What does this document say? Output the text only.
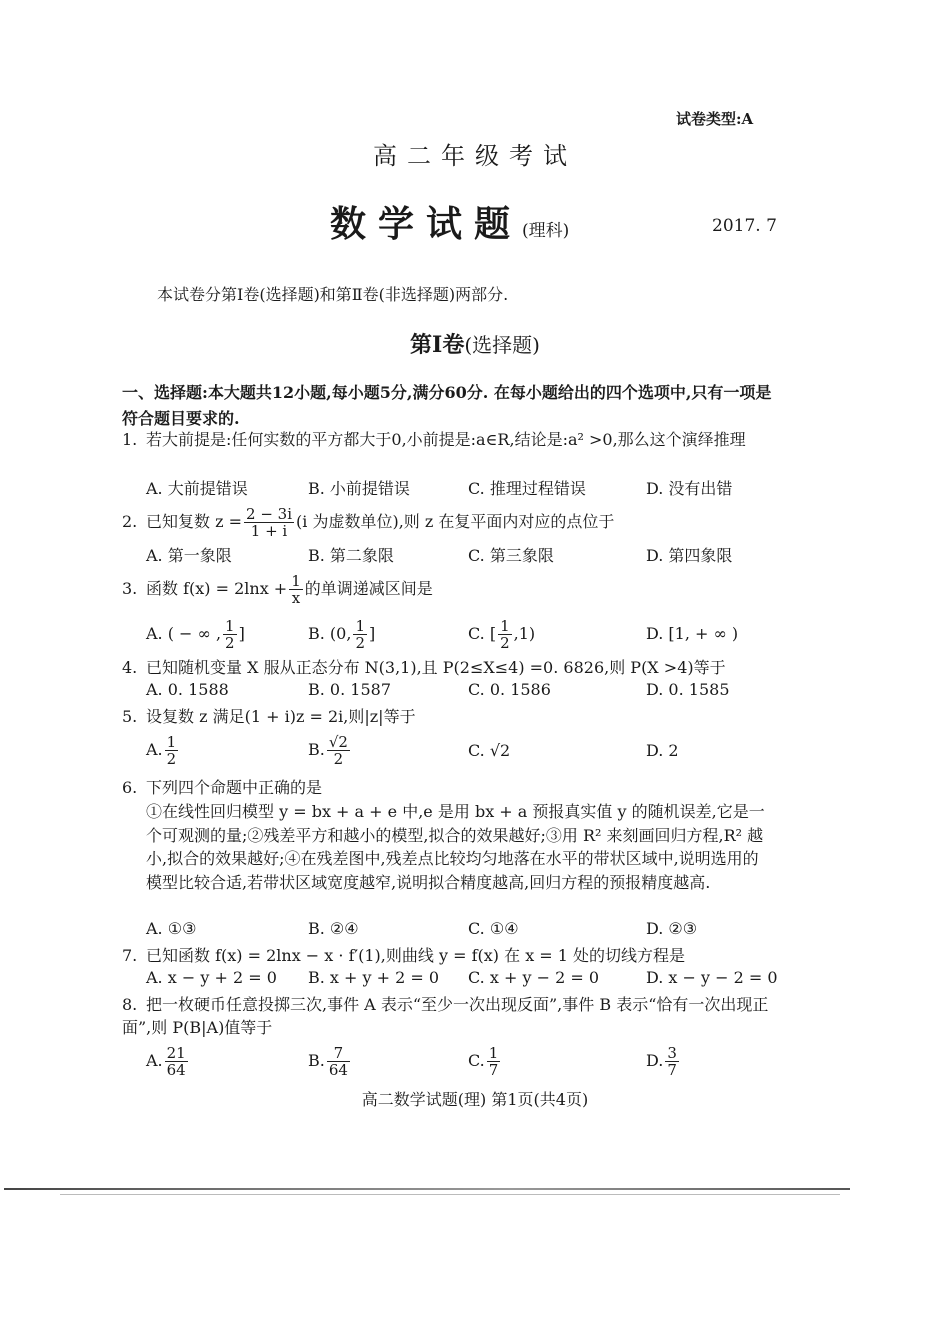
试卷类型:A
高二年级考试
数学试题(理科)	2017. 7
本试卷分第Ⅰ卷(选择题)和第Ⅱ卷(非选择题)两部分.
第Ⅰ卷(选择题)
一、选择题:本大题共12小题,每小题5分,满分60分. 在每小题给出的四个选项中,只有一项是符合题目要求的.
1. 若大前提是:任何实数的平方都大于0,小前提是:a∈R,结论是:a² >0,那么这个演绎推理
A. 大前提错误	B. 小前提错误	C. 推理过程错误	D. 没有出错
2. 已知复数 $z = \frac{2 - 3i}{1 + i} (i$ 为虚数单位),则 z 在复平面内对应的点位于
A. 第一象限	B. 第二象限	C. 第三象限	D. 第四象限
3. 函数 $f(x) = 2\ln x + \frac{1}{x}$ 的单调递减区间是
A. ( − ∞ , $\frac{1}{2}$ ]	B. (0, $\frac{1}{2}$ ]	C. [ $\frac{1}{2} ,1$)	D. [1, + ∞ )
4. 已知随机变量 X 服从正态分布 N(3,1),且 P(2≤X≤4) =0. 6826,则 P(X >4)等于
A. 0. 1588	B. 0. 1587	C. 0. 1586	D. 0. 1585
5. 设复数 z 满足(1 + i)z = 2i,则|z|等于
A. $\frac{1}{2}$	B. $\frac{√2}{2}$	C. √2	D. 2
6. 下列四个命题中正确的是
①在线性回归模型 y = bx + a + e 中,e 是用 bx + a 预报真实值 y 的随机误差,它是一个可观测的量;②残差平方和越小的模型,拟合的效果越好;③用 R² 来刻画回归方程,R² 越小,拟合的效果越好;④在残差图中,残差点比较均匀地落在水平的带状区域中,说明选用的模型比较合适,若带状区域宽度越窄,说明拟合精度越高,回归方程的预报精度越高.
A. ①③	B. ②④	C. ①④	D. ②③
7. 已知函数 f(x) = 2lnx − x · f′(1),则曲线 y = f(x) 在 x = 1 处的切线方程是
A. x − y + 2 = 0 B. x + y + 2 = 0 C. x + y − 2 = 0	D. x − y − 2 = 0
8. 把一枚硬币任意投掷三次,事件 A 表示“至少一次出现反面”,事件 B 表示“恰有一次出现正面”,则 P(B|A)值等于
A. $\frac{21}{64}$	B. $\frac{7}{64}$	C. $\frac{1}{7}$	D. $\frac{3}{7}$
高二数学试题(理) 第1页(共4页)
